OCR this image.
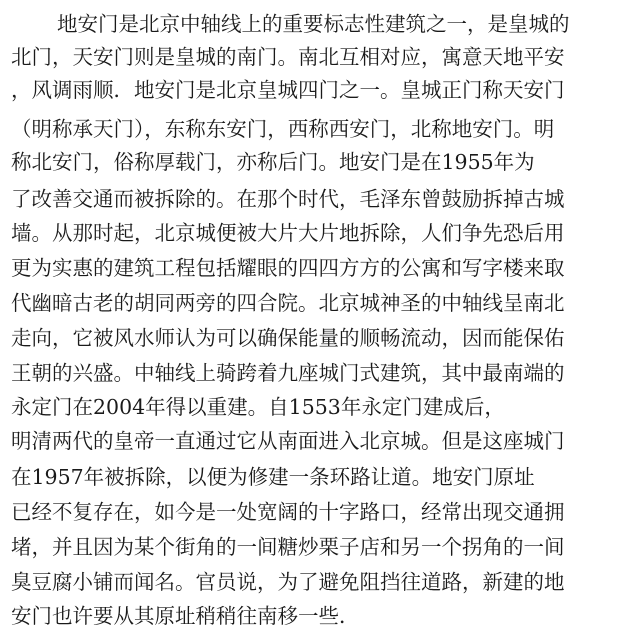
地安门是北京中轴线上的重要标志性建筑之一，是皇城的
北门，天安门则是皇城的南门。南北互相对应，寓意天地平安
，风调雨顺．地安门是北京皇城四门之一。皇城正门称天安门
（明称承天门），东称东安门，西称西安门，北称地安门。明
称北安门，俗称厚载门，亦称后门。地安门是在1955年为
了改善交通而被拆除的。在那个时代，毛泽东曾鼓励拆掉古城
墙。从那时起，北京城便被大片大片地拆除，人们争先恐后用
更为实惠的建筑工程包括耀眼的四四方方的公寓和写字楼来取
代幽暗古老的胡同两旁的四合院。北京城神圣的中轴线呈南北
走向，它被风水师认为可以确保能量的顺畅流动，因而能保佑
王朝的兴盛。中轴线上骑跨着九座城门式建筑，其中最南端的
永定门在2004年得以重建。自1553年永定门建成后，
明清两代的皇帝一直通过它从南面进入北京城。但是这座城门
在1957年被拆除，以便为修建一条环路让道。地安门原址
已经不复存在，如今是一处宽阔的十字路口，经常出现交通拥
堵，并且因为某个街角的一间糖炒栗子店和另一个拐角的一间
臭豆腐小铺而闻名。官员说，为了避免阻挡往道路，新建的地
安门也许要从其原址稍稍往南移一些．
